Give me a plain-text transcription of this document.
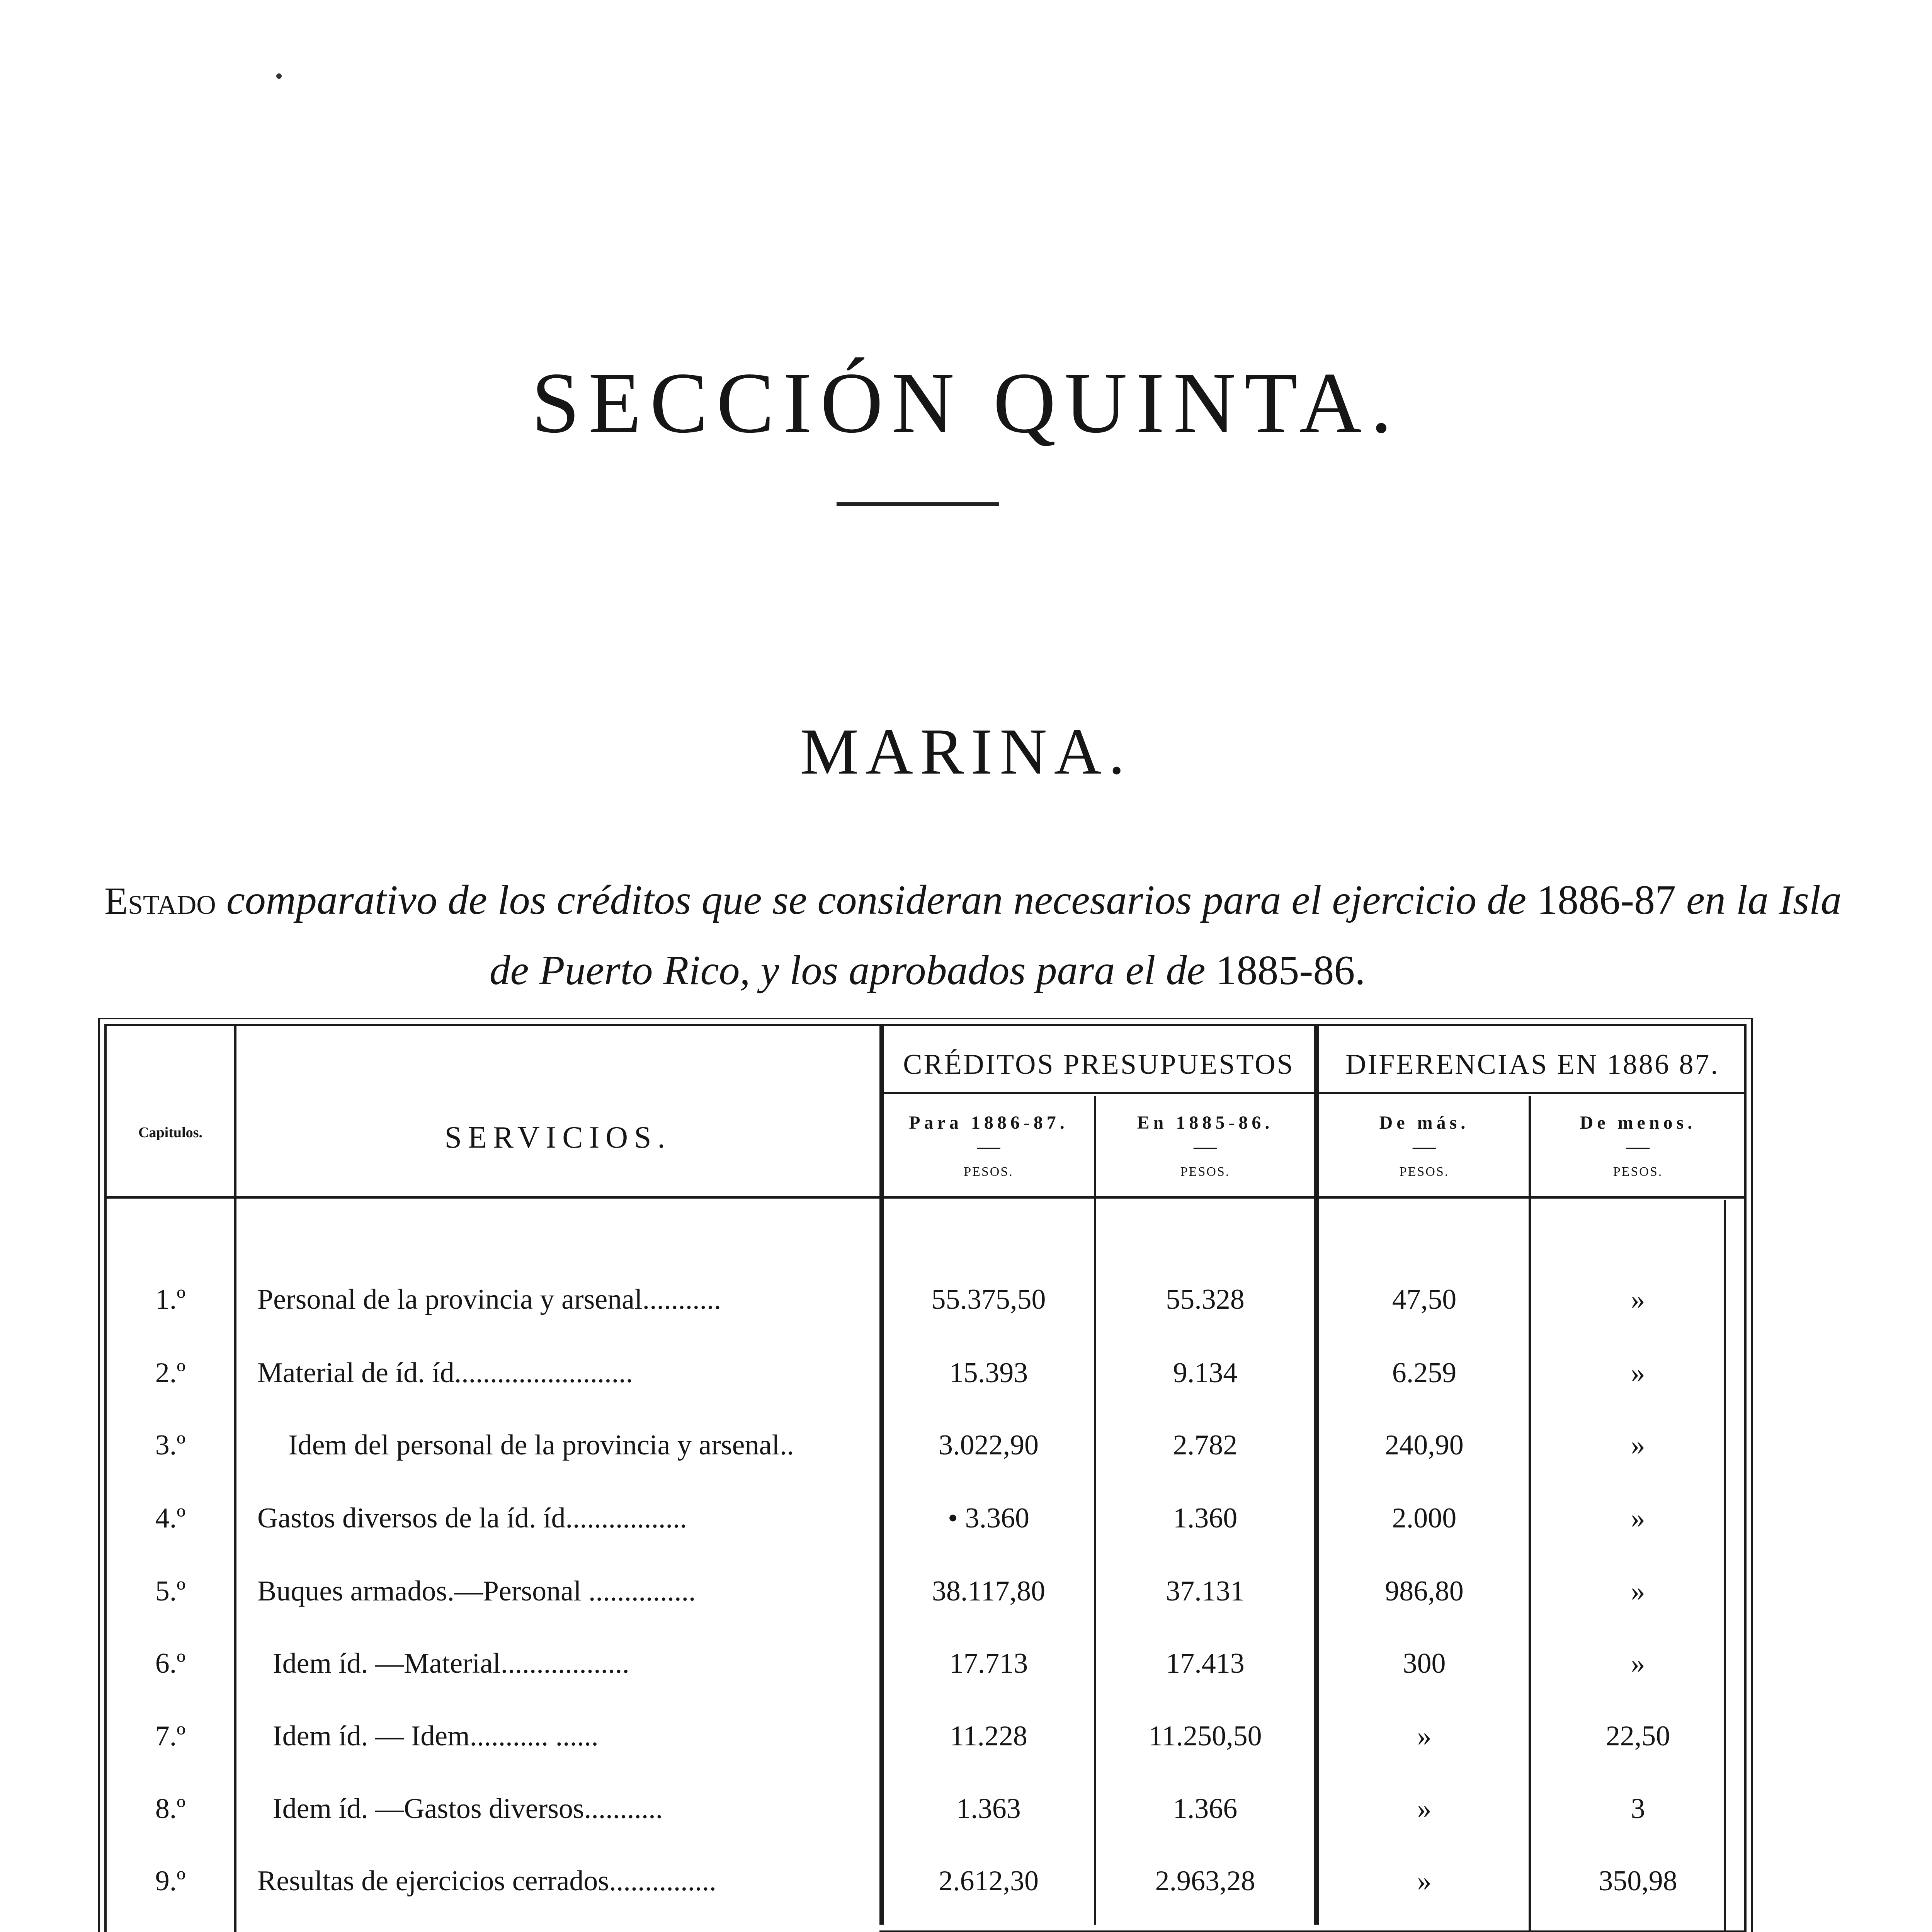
SECCIÓN QUINTA.
MARINA.
Estado comparativo de los créditos que se consideran necesarios para el ejercicio de 1886-87 en la Isla
de Puerto Rico, y los aprobados para el de 1885-86.
CRÉDITOS PRESUPUESTOS	DIFERENCIAS EN 1886 87.
Capitulos.	SERVICIOS.	Para 1886-87.	En 1885-86.	De más.	De menos.
—	—	—	—
PESOS.	PESOS.	PESOS.	PESOS.
1.º	Personal de la provincia y arsenal...........	55.375,50	55.328	47,50	»
2.º	Material de íd. íd.........................	15.393	9.134	6.259	»
3.º	Idem del personal de la provincia y arsenal..	3.022,90	2.782	240,90	»
4.º	Gastos diversos de la íd. íd.................	• 3.360	1.360	2.000	»
5.º	Buques armados.—Personal ...............	38.117,80	37.131	986,80	»
6.º	Idem íd. —Material..................	17.713	17.413	300	»
7.º	Idem íd. — Idem........... ......	11.228	11.250,50	»	22,50
8.º	Idem íd. —Gastos diversos...........	1.363	1.366	»	3
9.º	Resultas de ejercicios cerrados...............	2.612,30	2.963,28	»	350,98
